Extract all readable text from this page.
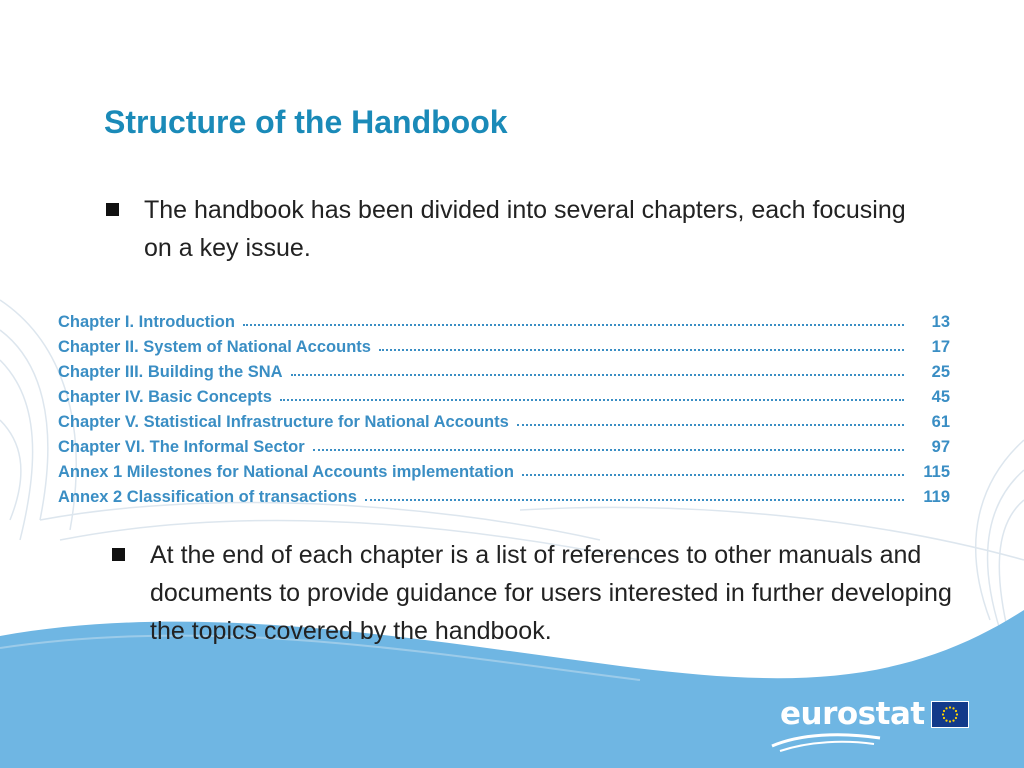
Structure of the Handbook
The handbook has been divided into several chapters, each focusing on a key issue.
Chapter I. Introduction	13
Chapter II. System of National Accounts	17
Chapter III. Building the SNA	25
Chapter IV. Basic Concepts	45
Chapter V. Statistical Infrastructure for National Accounts	61
Chapter VI. The Informal Sector	97
Annex 1 Milestones for National Accounts implementation	115
Annex 2 Classification of transactions	119
At the end of each chapter is a list of references to other manuals and documents to provide guidance for users interested in further developing the topics covered by the handbook.
eurostat
